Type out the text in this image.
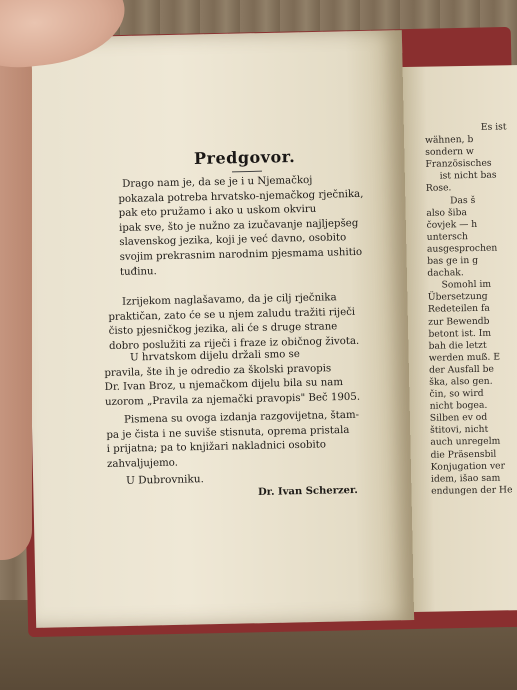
Predgovor.
Drago nam je, da se je i u Njemačkoj
pokazala potreba hrvatsko-njemačkog rječnika,
pak eto pružamo i ako u uskom okviru
ipak sve, što je nužno za izučavanje najljepšeg
slavenskog jezika, koji je već davno, osobito
svojim prekrasnim narodnim pjesmama ushitio
tuđinu.
Izrijekom naglašavamo, da je cilj rječnika
praktičan, zato će se u njem zaludu tražiti riječi
čisto pjesničkog jezika, ali će s druge strane
dobro poslužiti za riječi i fraze iz običnog života.
U hrvatskom dijelu držali smo se
pravila, šte ih je odredio za školski pravopis
Dr. Ivan Broz, u njemačkom dijelu bila su nam
uzorom „Pravila za njemački pravopis" Beč 1905.
Pismena su ovoga izdanja razgovijetna, štam-
pa je čista i ne suviše stisnuta, oprema pristala
i prijatna; pa to knjižari nakladnici osobito
zahvaljujemo.
U Dubrovniku.
Dr. Ivan Scherzer.
Es ist
wähnen, b
sondern w
Französisches
ist nicht bas
Rose.
Das š
also šiba
čovjek — h
untersch
ausgesprochen
bas ge in g
dachak.
Somohl im
Übersetzung
Redeteilen fa
zur Bewendb
betont ist. Im
bah die letzt
werden muß. E
der Ausfall be
ška, also gen.
čin, so wird
nicht bogea.
Silben ev od
štitovi, nicht
auch unregelm
die Präsensbil
Konjugation ver
idem, išao sam
endungen der He
